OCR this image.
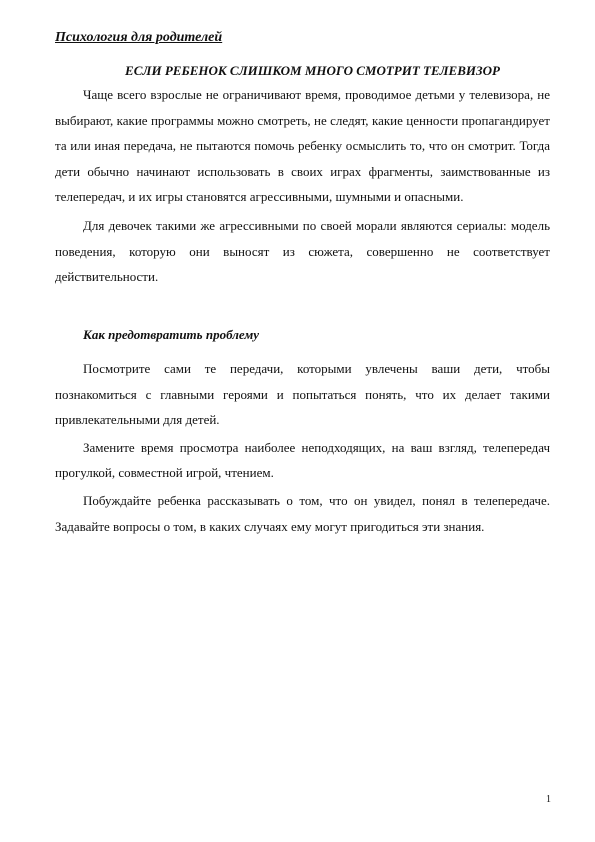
Психология для родителей
ЕСЛИ РЕБЕНОК СЛИШКОМ МНОГО СМОТРИТ ТЕЛЕВИЗОР

Чаще всего взрослые не ограничивают время, проводимое детьми у телевизора, не выбирают, какие программы можно смотреть, не следят, какие ценности пропагандирует та или иная передача, не пытаются помочь ребенку осмыслить то, что он смотрит. Тогда дети обычно начинают использовать в своих играх фрагменты, заимствованные из телепередач, и их игры становятся агрессивными, шумными и опасными.

Для девочек такими же агрессивными по своей морали являются сериалы: модель поведения, которую они выносят из сюжета, совершенно не соответствует действительности.

Как предотвратить проблему

Посмотрите сами те передачи, которыми увлечены ваши дети, чтобы познакомиться с главными героями и попытаться понять, что их делает такими привлекательными для детей.

Замените время просмотра наиболее неподходящих, на ваш взгляд, телепередач прогулкой, совместной игрой, чтением.

Побуждайте ребенка рассказывать о том, что он увидел, понял в телепередаче. Задавайте вопросы о том, в каких случаях ему могут пригодиться эти знания.

1
